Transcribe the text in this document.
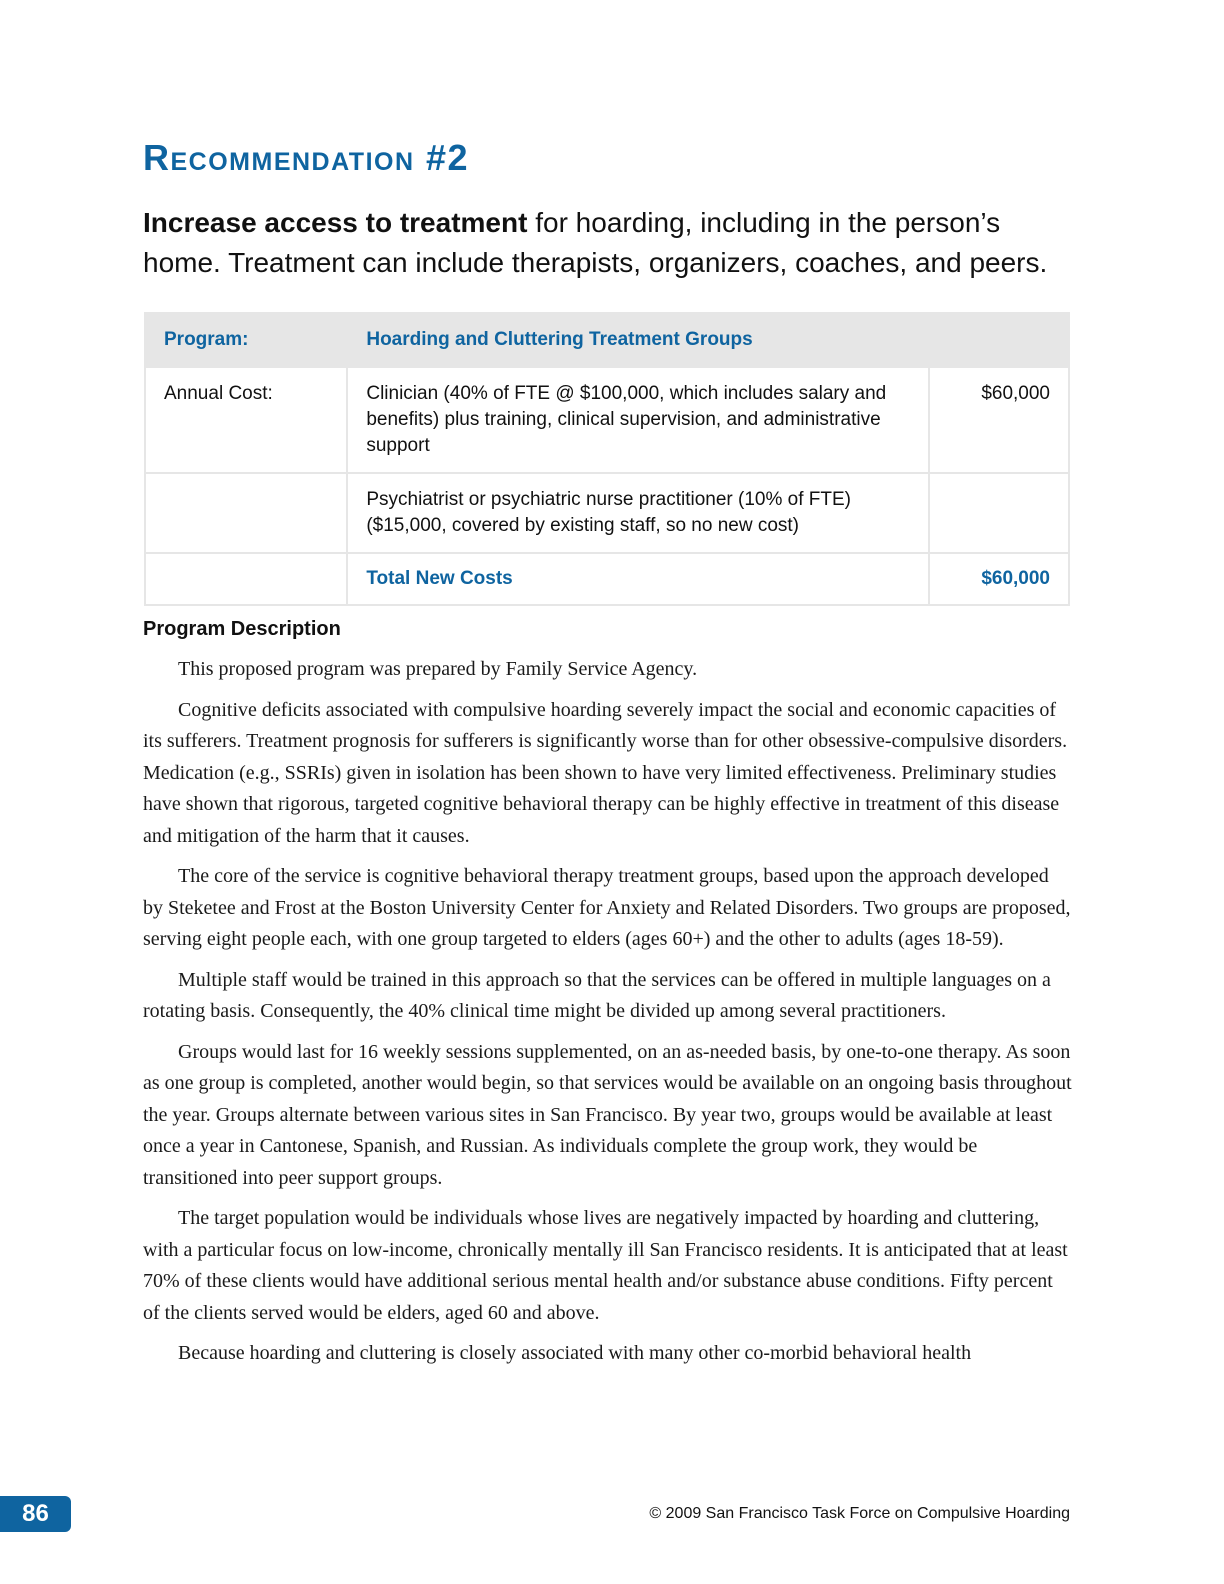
Recommendation #2

Increase access to treatment for hoarding, including in the person’s home. Treatment can include therapists, organizers, coaches, and peers.

Program:	Hoarding and Cluttering Treatment Groups	
Annual Cost:	Clinician (40% of FTE @ $100,000, which includes salary and benefits) plus training, clinical supervision, and administrative support	$60,000
	Psychiatrist or psychiatric nurse practitioner (10% of FTE) ($15,000, covered by existing staff, so no new cost)	
	Total New Costs	$60,000
Program Description

This proposed program was prepared by Family Service Agency.

Cognitive deficits associated with compulsive hoarding severely impact the social and economic capacities of its sufferers. Treatment prognosis for sufferers is significantly worse than for other obsessive-compulsive disorders. Medication (e.g., SSRIs) given in isolation has been shown to have very limited effectiveness. Preliminary studies have shown that rigorous, targeted cognitive behavioral therapy can be highly effective in treatment of this disease and mitigation of the harm that it causes.

The core of the service is cognitive behavioral therapy treatment groups, based upon the approach developed by Steketee and Frost at the Boston University Center for Anxiety and Related Disorders. Two groups are proposed, serving eight people each, with one group targeted to elders (ages 60+) and the other to adults (ages 18-59).

Multiple staff would be trained in this approach so that the services can be offered in multiple languages on a rotating basis. Consequently, the 40% clinical time might be divided up among several practitioners.

Groups would last for 16 weekly sessions supplemented, on an as-needed basis, by one-to-one therapy. As soon as one group is completed, another would begin, so that services would be available on an ongoing basis throughout the year. Groups alternate between various sites in San Francisco. By year two, groups would be available at least once a year in Cantonese, Spanish, and Russian. As individuals complete the group work, they would be transitioned into peer support groups.

The target population would be individuals whose lives are negatively impacted by hoarding and cluttering, with a particular focus on low-income, chronically mentally ill San Francisco residents. It is anticipated that at least 70% of these clients would have additional serious mental health and/or substance abuse conditions. Fifty percent of the clients served would be elders, aged 60 and above.

Because hoarding and cluttering is closely associated with many other co-morbid behavioral health

86	© 2009 San Francisco Task Force on Compulsive Hoarding
